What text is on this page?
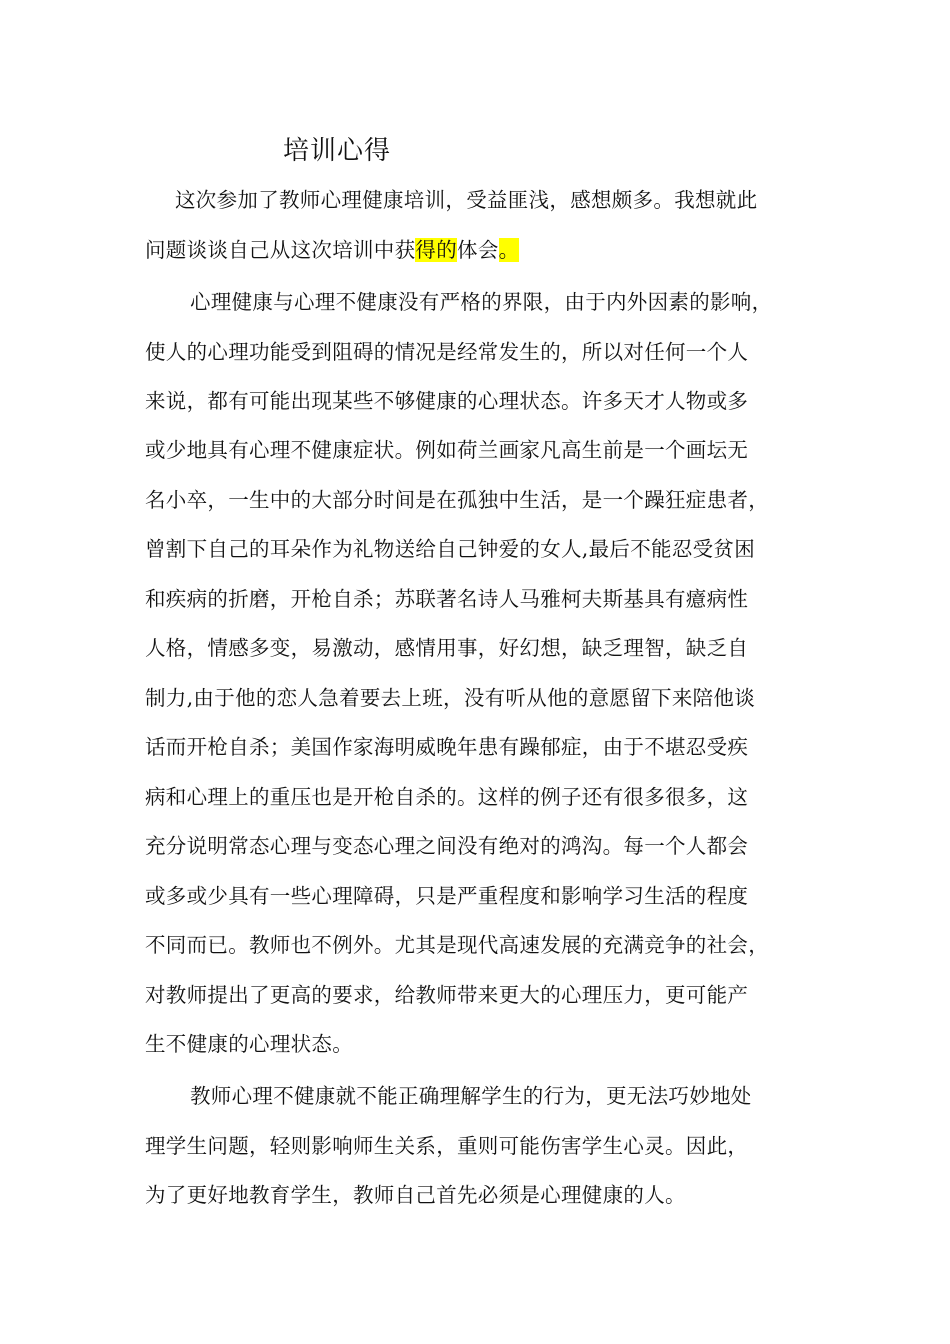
培训心得
这次参加了教师心理健康培训，受益匪浅，感想颇多。我想就此
问题谈谈自己从这次培训中获得的体会。
心理健康与心理不健康没有严格的界限，由于内外因素的影响，
使人的心理功能受到阻碍的情况是经常发生的，所以对任何一个人
来说，都有可能出现某些不够健康的心理状态。许多天才人物或多
或少地具有心理不健康症状。例如荷兰画家凡高生前是一个画坛无
名小卒，一生中的大部分时间是在孤独中生活，是一个躁狂症患者，
曾割下自己的耳朵作为礼物送给自己钟爱的女人,最后不能忍受贫困
和疾病的折磨，开枪自杀；苏联著名诗人马雅柯夫斯基具有癔病性
人格，情感多变，易激动，感情用事，好幻想，缺乏理智，缺乏自
制力,由于他的恋人急着要去上班，没有听从他的意愿留下来陪他谈
话而开枪自杀；美国作家海明威晚年患有躁郁症，由于不堪忍受疾
病和心理上的重压也是开枪自杀的。这样的例子还有很多很多，这
充分说明常态心理与变态心理之间没有绝对的鸿沟。每一个人都会
或多或少具有一些心理障碍，只是严重程度和影响学习生活的程度
不同而已。教师也不例外。尤其是现代高速发展的充满竞争的社会，
对教师提出了更高的要求，给教师带来更大的心理压力，更可能产
生不健康的心理状态。
教师心理不健康就不能正确理解学生的行为，更无法巧妙地处
理学生问题，轻则影响师生关系，重则可能伤害学生心灵。因此，
为了更好地教育学生，教师自己首先必须是心理健康的人。
